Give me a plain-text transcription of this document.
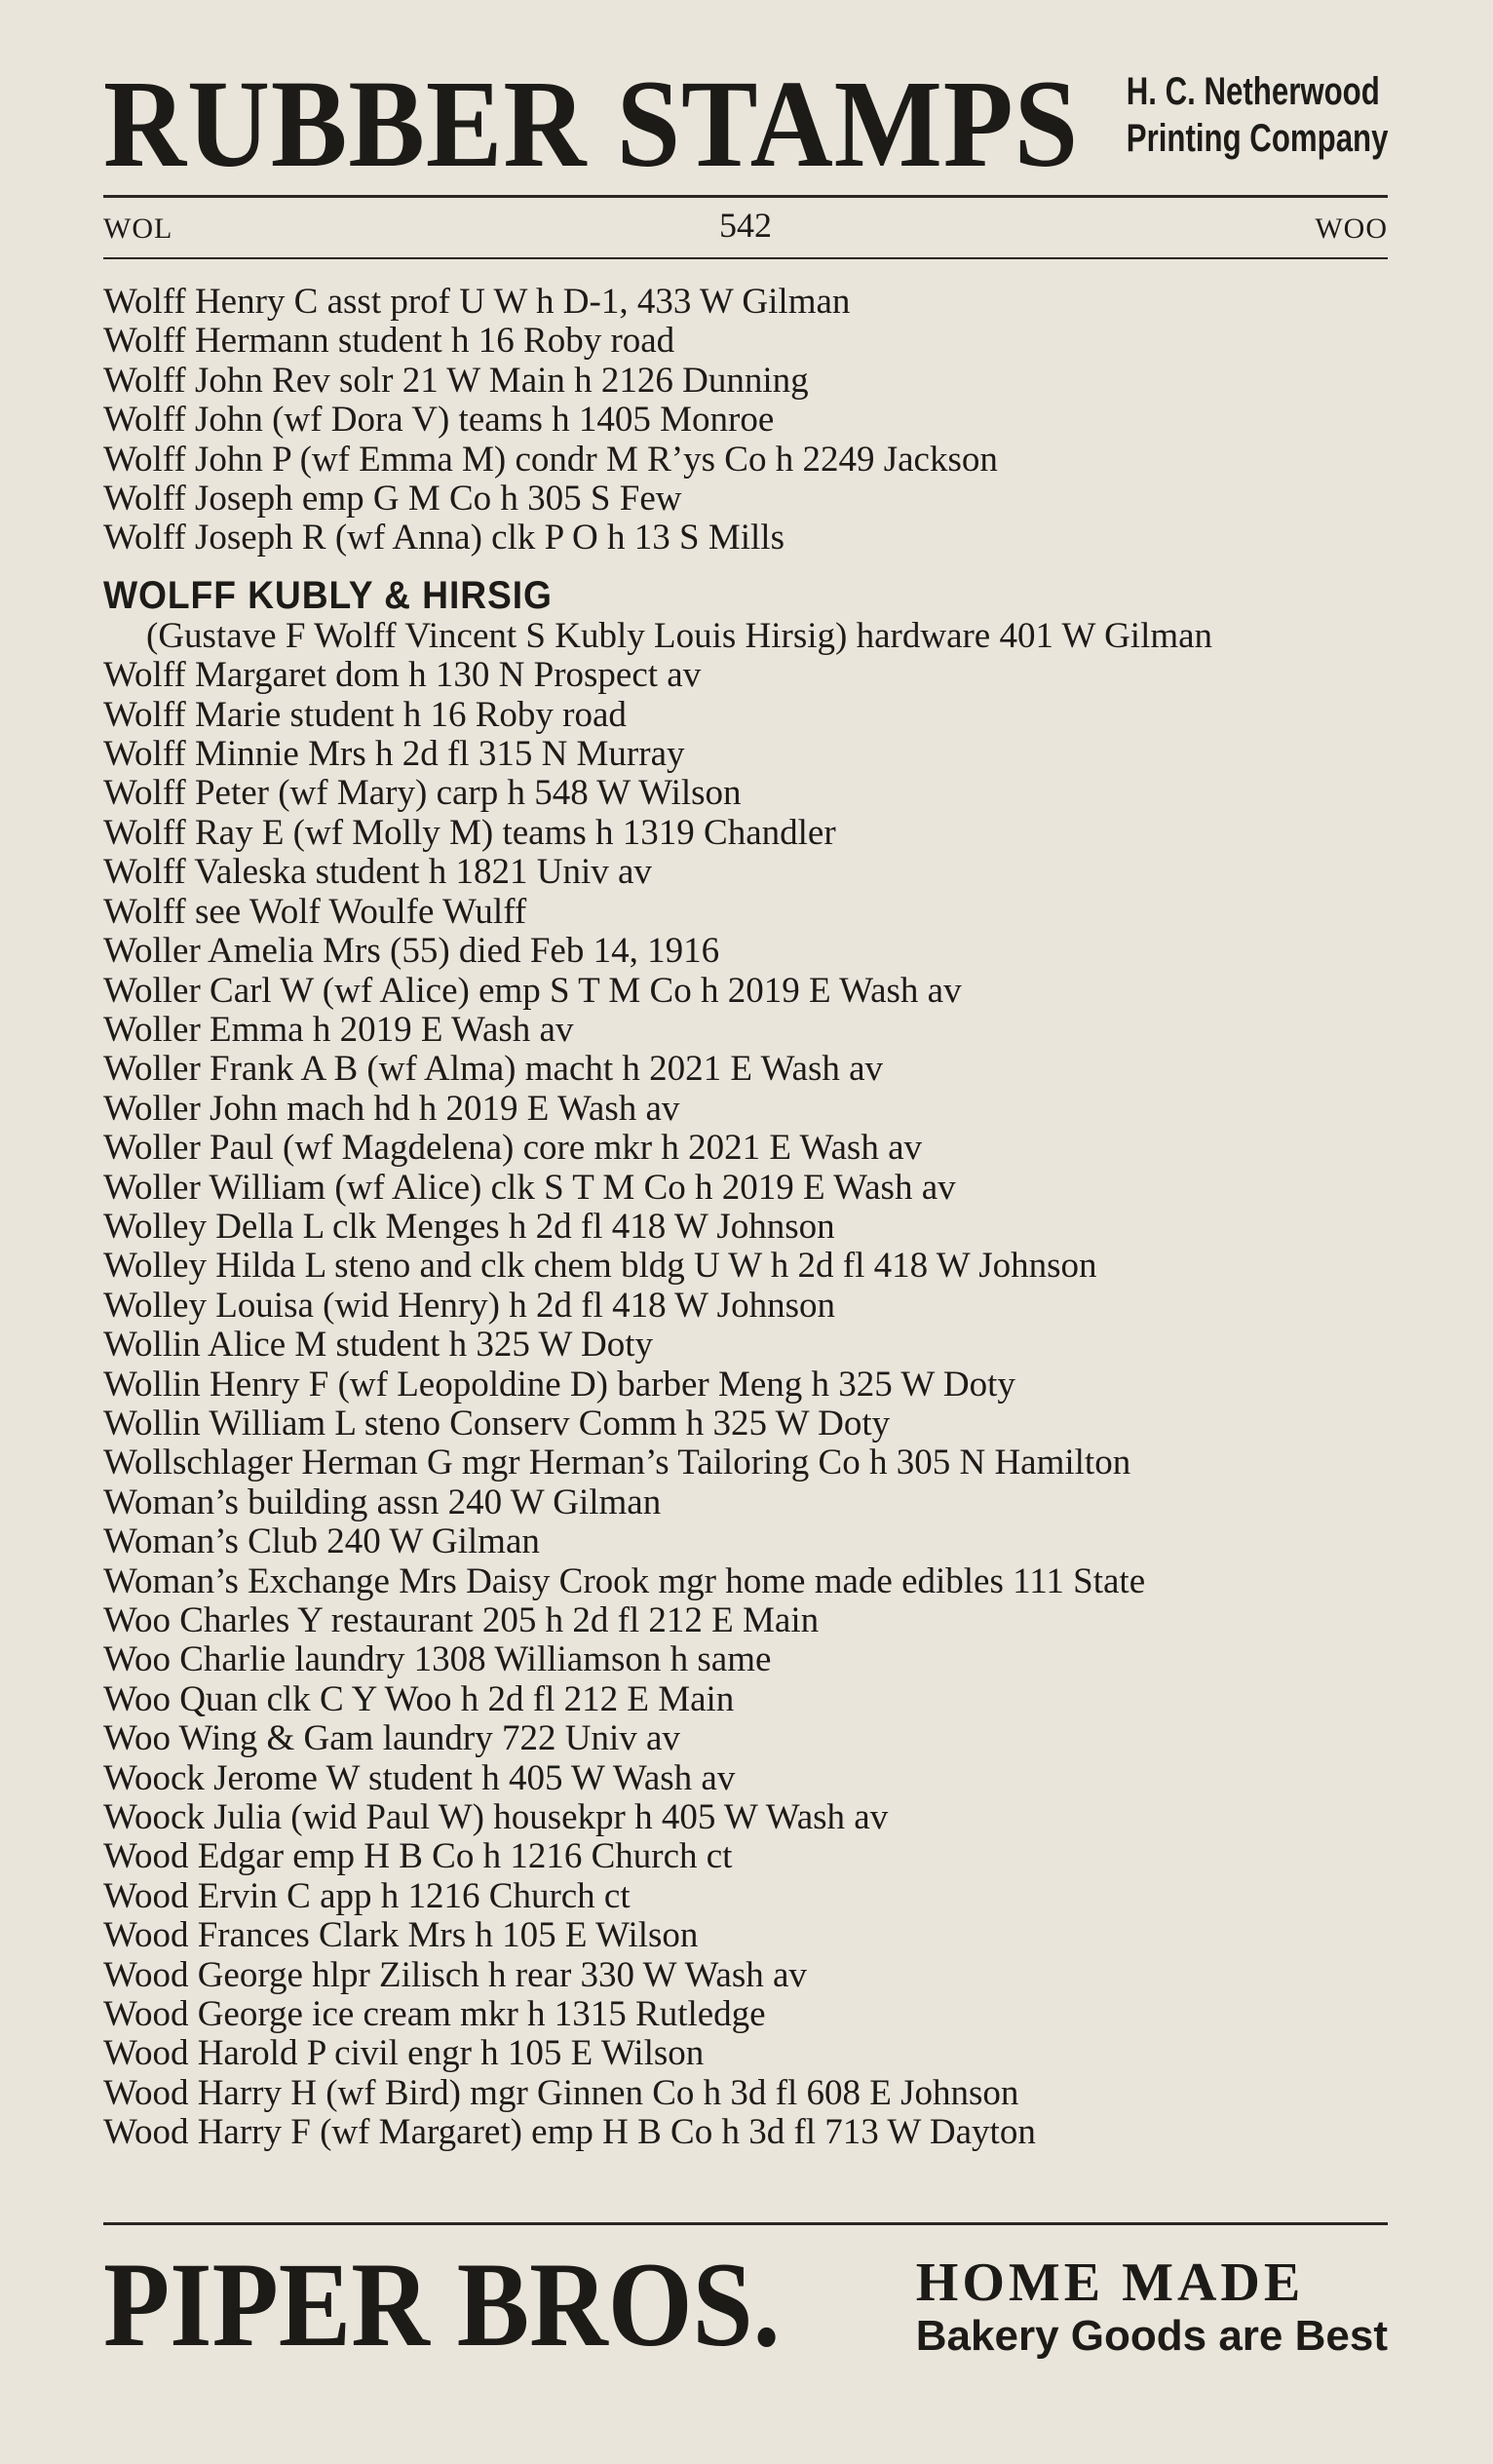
RUBBER STAMPS H. C. Netherwood
Printing Company
WOL	542	WOO
Wolff Henry C asst prof U W h D-1, 433 W Gilman
Wolff Hermann student h 16 Roby road
Wolff John Rev solr 21 W Main h 2126 Dunning
Wolff John (wf Dora V) teams h 1405 Monroe
Wolff John P (wf Emma M) condr M R’ys Co h 2249 Jackson
Wolff Joseph emp G M Co h 305 S Few
Wolff Joseph R (wf Anna) clk P O h 13 S Mills
WOLFF KUBLY & HIRSIG
(Gustave F Wolff Vincent S Kubly Louis Hirsig) hardware 401 W Gilman
Wolff Margaret dom h 130 N Prospect av
Wolff Marie student h 16 Roby road
Wolff Minnie Mrs h 2d fl 315 N Murray
Wolff Peter (wf Mary) carp h 548 W Wilson
Wolff Ray E (wf Molly M) teams h 1319 Chandler
Wolff Valeska student h 1821 Univ av
Wolff see Wolf Woulfe Wulff
Woller Amelia Mrs (55) died Feb 14, 1916
Woller Carl W (wf Alice) emp S T M Co h 2019 E Wash av
Woller Emma h 2019 E Wash av
Woller Frank A B (wf Alma) macht h 2021 E Wash av
Woller John mach hd h 2019 E Wash av
Woller Paul (wf Magdelena) core mkr h 2021 E Wash av
Woller William (wf Alice) clk S T M Co h 2019 E Wash av
Wolley Della L clk Menges h 2d fl 418 W Johnson
Wolley Hilda L steno and clk chem bldg U W h 2d fl 418 W Johnson
Wolley Louisa (wid Henry) h 2d fl 418 W Johnson
Wollin Alice M student h 325 W Doty
Wollin Henry F (wf Leopoldine D) barber Meng h 325 W Doty
Wollin William L steno Conserv Comm h 325 W Doty
Wollschlager Herman G mgr Herman’s Tailoring Co h 305 N Hamilton
Woman’s building assn 240 W Gilman
Woman’s Club 240 W Gilman
Woman’s Exchange Mrs Daisy Crook mgr home made edibles 111 State
Woo Charles Y restaurant 205 h 2d fl 212 E Main
Woo Charlie laundry 1308 Williamson h same
Woo Quan clk C Y Woo h 2d fl 212 E Main
Woo Wing & Gam laundry 722 Univ av
Woock Jerome W student h 405 W Wash av
Woock Julia (wid Paul W) housekpr h 405 W Wash av
Wood Edgar emp H B Co h 1216 Church ct
Wood Ervin C app h 1216 Church ct
Wood Frances Clark Mrs h 105 E Wilson
Wood George hlpr Zilisch h rear 330 W Wash av
Wood George ice cream mkr h 1315 Rutledge
Wood Harold P civil engr h 105 E Wilson
Wood Harry H (wf Bird) mgr Ginnen Co h 3d fl 608 E Johnson
Wood Harry F (wf Margaret) emp H B Co h 3d fl 713 W Dayton
PIPER BROS. HOME MADE
Bakery Goods are Best
